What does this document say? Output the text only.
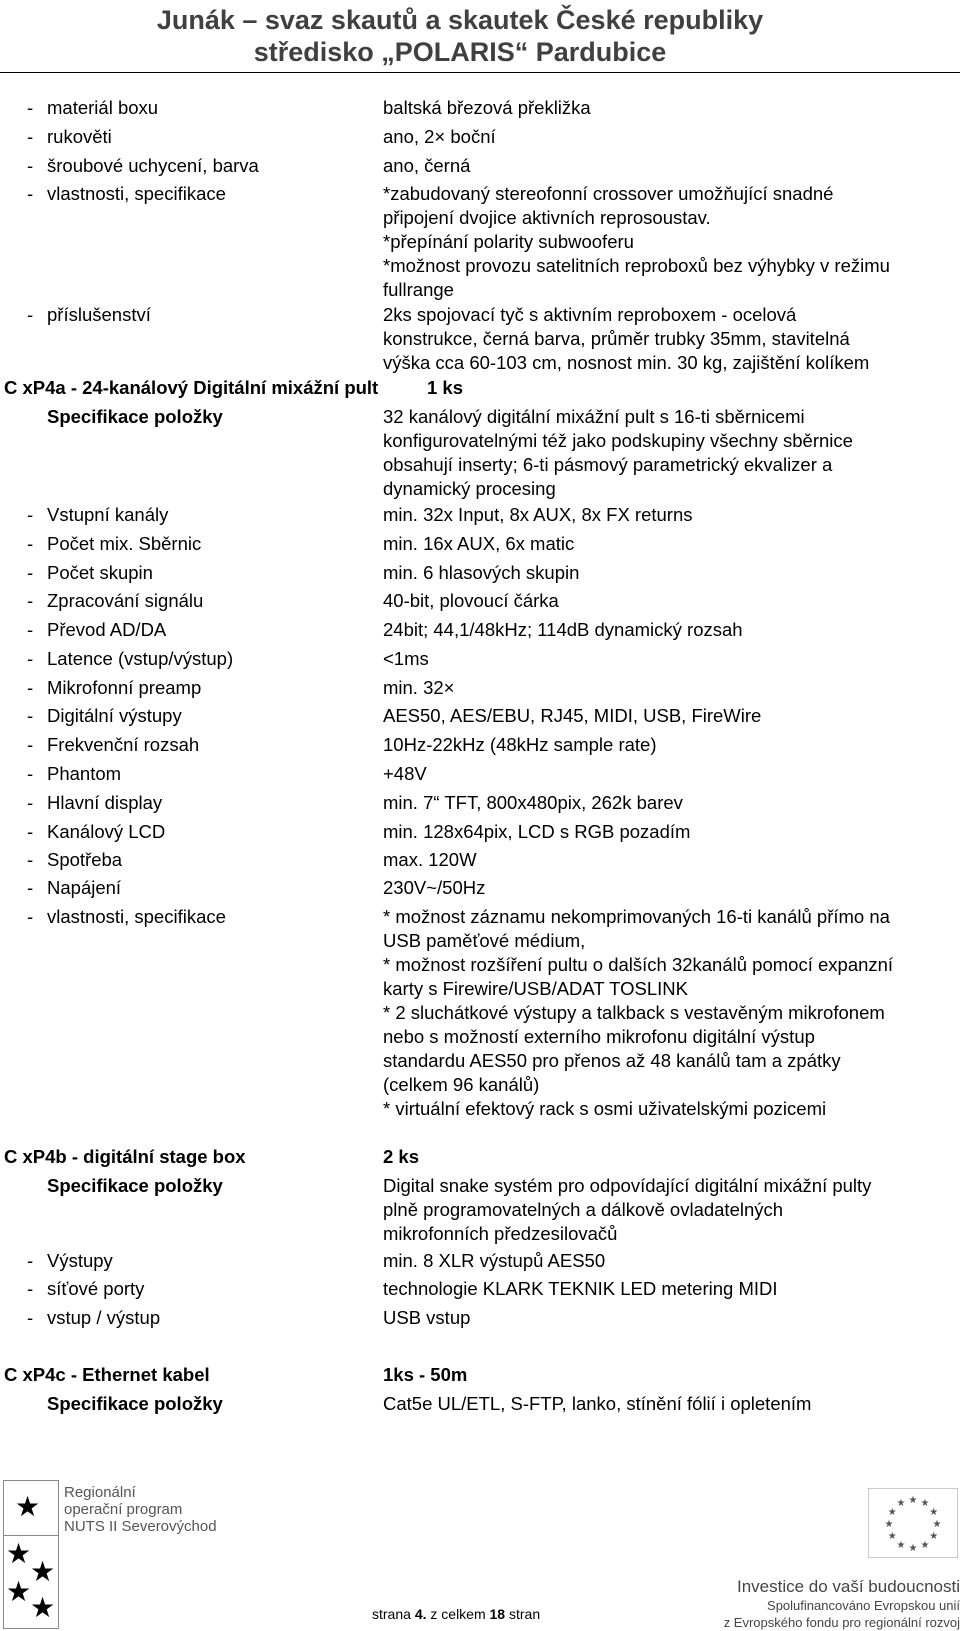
Junák – svaz skautů a skautek České republiky
středisko „POLARIS“ Pardubice
- materiál boxu	baltská březová překližka
- rukověti	ano, 2× boční
- šroubové uchycení, barva	ano, černá
- vlastnosti, specifikace	*zabudovaný stereofonní crossover umožňující snadné
připojení dvojice aktivních reprosoustav.
*přepínání polarity subwooferu
*možnost provozu satelitních reproboxů bez výhybky v režimu
fullrange
- příslušenství	2ks spojovací tyč s aktivním reproboxem - ocelová
konstrukce, černá barva, průměr trubky 35mm, stavitelná
výška cca 60-103 cm, nosnost min. 30 kg, zajištění kolíkem
C xP4a - 24-kanálový Digitální mixážní pult	1 ks
Specifikace položky	32 kanálový digitální mixážní pult s 16-ti sběrnicemi
konfigurovatelnými též jako podskupiny všechny sběrnice
obsahují inserty; 6-ti pásmový parametrický ekvalizer a
dynamický procesing
- Vstupní kanály	min. 32x Input, 8x AUX, 8x FX returns
- Počet mix. Sběrnic	min. 16x AUX, 6x matic
- Počet skupin	min. 6 hlasových skupin
- Zpracování signálu	40-bit, plovoucí čárka
- Převod AD/DA	24bit; 44,1/48kHz; 114dB dynamický rozsah
- Latence (vstup/výstup)	<1ms
- Mikrofonní preamp	min. 32×
- Digitální výstupy	AES50, AES/EBU, RJ45, MIDI, USB, FireWire
- Frekvenční rozsah	10Hz-22kHz (48kHz sample rate)
- Phantom	+48V
- Hlavní display	min. 7“ TFT, 800x480pix, 262k barev
- Kanálový LCD	min. 128x64pix, LCD s RGB pozadím
- Spotřeba	max. 120W
- Napájení	230V~/50Hz
- vlastnosti, specifikace	* možnost záznamu nekomprimovaných 16-ti kanálů přímo na
USB paměťové médium,
* možnost rozšíření pultu o dalších 32kanálů pomocí expanzní
karty s Firewire/USB/ADAT TOSLINK
* 2 sluchátkové výstupy a talkback s vestavěným mikrofonem
nebo s možností externího mikrofonu digitální výstup
standardu AES50 pro přenos až 48 kanálů tam a zpátky
(celkem 96 kanálů)
* virtuální efektový rack s osmi uživatelskými pozicemi
C xP4b - digitální stage box	2 ks
Specifikace položky	Digital snake systém pro odpovídající digitální mixážní pulty
plně programovatelných a dálkově ovladatelných
mikrofonních předzesilovačů
- Výstupy	min. 8 XLR výstupů AES50
- síťové porty	technologie KLARK TEKNIK LED metering MIDI
- vstup / výstup	USB vstup
C xP4c - Ethernet kabel	1ks - 50m
Specifikace položky	Cat5e UL/ETL, S-FTP, lanko, stínění fólií i opletením
★
★
★
★
★
Regionální
operační program
NUTS II Severovýchod	★
★
★
★
★
★
★
★
★ ★ ★
★
Investice do vaší budoucnosti
Spolufinancováno Evropskou unií
z Evropského fondu pro regionální rozvoj
strana 4. z celkem 18 stran
